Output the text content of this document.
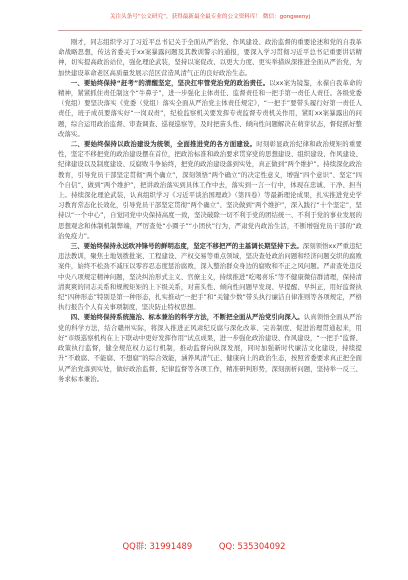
关注头条号“公文研究”，获得最新最全最专业的公文资料库！ 微信：gongwenyj

刚才，同志组织学习了习近平总书记关于全面从严治党、作风建设、政治监督的重要论述和党的自我革命战略思想，传达省委关于xx案暴露问题及其教训警示的通报，要深入学习贯彻习近平总书记重要讲话精神，切实提高政治站位，强化理论武装，坚持以案促改、以更大力度、更实举措纵深推进全面从严治党，为加快建设革命老区高质量发展示范区营造风清气正的良好政治生态。

一、要始终保持“赶考”的清醒坚定，坚决扛牢管党治党的政治责任。以xx案为镜鉴，永葆自我革命的精神，紧紧抓住责任制这个“牛鼻子”，进一步强化主体责任、监督责任和一把手第一责任人责任。各级党委（党组）要坚决落实《党委（党组）落实全面从严治党主体责任规定》，“一把手”要带头履行好第一责任人责任，班子成员要落实好“一岗双责”，纪检监察机关要发挥专责监督专责机关作用，紧盯xx案暴露出的问题，综合运用政治监督、审查调查、巡视巡察等，及时把苗头性、倾向性问题解决在萌芽状态，督促抓好整改落实。

二、要始终保持以政治建设为统领，全面推进党的各方面建设。时刻彰显政治纪律和政治规矩的重要性，坚定不移把党的政治建设摆在首位，把政治标准和政治要求贯穿党的思想建设、组织建设、作风建设、纪律建设以及制度建设、反腐败斗争始终，把党的政治建设落到实处，真正做到“两个维护”。持续深化政治教育，引导党员干部坚定贯彻“两个确立”，深刻领悟“两个确立”的决定性意义，增强“四个意识”、坚定“四个自信”、做到“两个维护”，把讲政治落实到具体工作中去，落实到一言一行中，体现在忠诚、干净、担当上。持续深化理论武装，认真组织学习《习近平谈治国理政》（第四卷）等最新理论成果，扎实推进党史学习教育常态化长效化，引导党员干部坚定贯彻“两个确立”、坚决做到“两个维护”，深入践行“十个坚定”，坚持以“一个中心”，自觉同党中央保持高度一致，坚决破除一切不利于党的团结统一、不利于党的事业发展的思想观念和体制机制弊端，严厉查处“小圈子”“小团伙”行为，严肃党内政治生活，不断增强党员干部的“政治免疫力”。

三、要始终保持永远吹冲锋号的鲜明态度，坚定不移把严的主基调长期坚持下去。深刻领悟xx严重违纪违法教训，聚焦土地划拨批案、工程建设、产权交易等重点领域，坚决查处政治问题和经济问题交织的腐败案件，始终不松劲不减压以零容忍态度惩治腐败，深入整治群众身边的腐败和不正之风问题。严肃查处违反中央八项规定精神问题，坚决纠治形式主义、官僚主义，持续推进“吃喝喜乐”等不健康微信群清理，保持清清爽爽的同志关系和规规矩矩的上下级关系，对苗头性、倾向性问题早发现、早提醒、早纠正，用好监督执纪“四种形态”特别是第一种形态，扎实推动“一把手”和“关键少数”带头执行廉洁自律准则等各项规定，严格执行报告个人有关事项制度，坚决防止特权思想。

四、要始终保持系统施治、标本兼治的科学方法，不断把全面从严治党引向深入。认真领悟全面从严治党的科学方法，结合赣州实际，将深入推进正风肃纪反腐与深化改革、完善制度、促进治理贯通起来，用好“市级巡察机构在上下联动中更好发挥作用”试点成果，进一步强化政治建设、作风建设，“一把手”监督、政策执行监督，健全规范权力运行机制，推动监督向纵深发展，同时加强新时代廉洁文化建设，持续提升“不敢腐、不能腐、不想腐”的综合效能，涵养风清气正、健康向上的政治生态，按照省委要求真正把全面从严治党落到实处，做好政治监督、纪律监督等各项工作，精准研判形势，深刻剖析问题，坚持举一反三、务求标本兼治。

QQ群: 31991489	QQ: 535304092
